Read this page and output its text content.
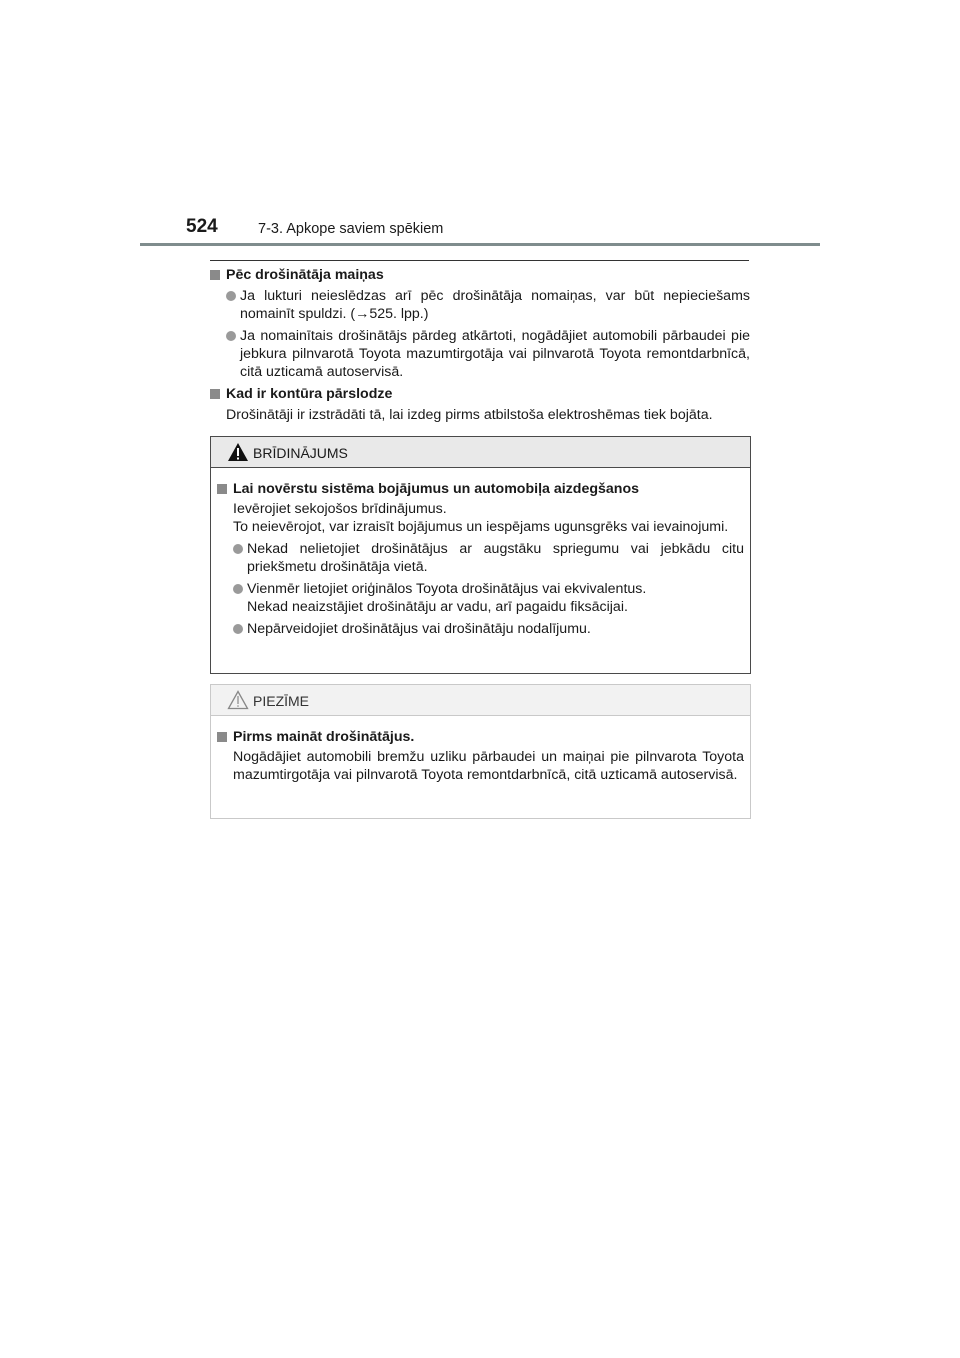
524	7-3. Apkope saviem spēkiem
Pēc drošinātāja maiņas
Ja lukturi neieslēdzas arī pēc drošinātāja nomaiņas, var būt nepieciešams nomainīt spuldzi. (→525. lpp.)
Ja nomainītais drošinātājs pārdeg atkārtoti, nogādājiet automobili pārbaudei pie jebkura pilnvarotā Toyota mazumtirgotāja vai pilnvarotā Toyota remontdarbnīcā, citā uzticamā autoservisā.
Kad ir kontūra pārslodze
Drošinātāji ir izstrādāti tā, lai izdeg pirms atbilstoša elektroshēmas tiek bojāta.
BRĪDINĀJUMS
Lai novērstu sistēma bojājumus un automobiļa aizdegšanos
Ievērojiet sekojošos brīdinājumus.
To neievērojot, var izraisīt bojājumus un iespējams ugunsgrēks vai ievainojumi.
Nekad nelietojiet drošinātājus ar augstāku spriegumu vai jebkādu citu priekšmetu drošinātāja vietā.
Vienmēr lietojiet oriģinālos Toyota drošinātājus vai ekvivalentus.
Nekad neaizstājiet drošinātāju ar vadu, arī pagaidu fiksācijai.
Nepārveidojiet drošinātājus vai drošinātāju nodalījumu.
PIEZĪME
Pirms maināt drošinātājus.
Nogādājiet automobili bremžu uzliku pārbaudei un maiņai pie pilnvarota Toyota mazumtirgotāja vai pilnvarotā Toyota remontdarbnīcā, citā uzticamā autoservisā.
